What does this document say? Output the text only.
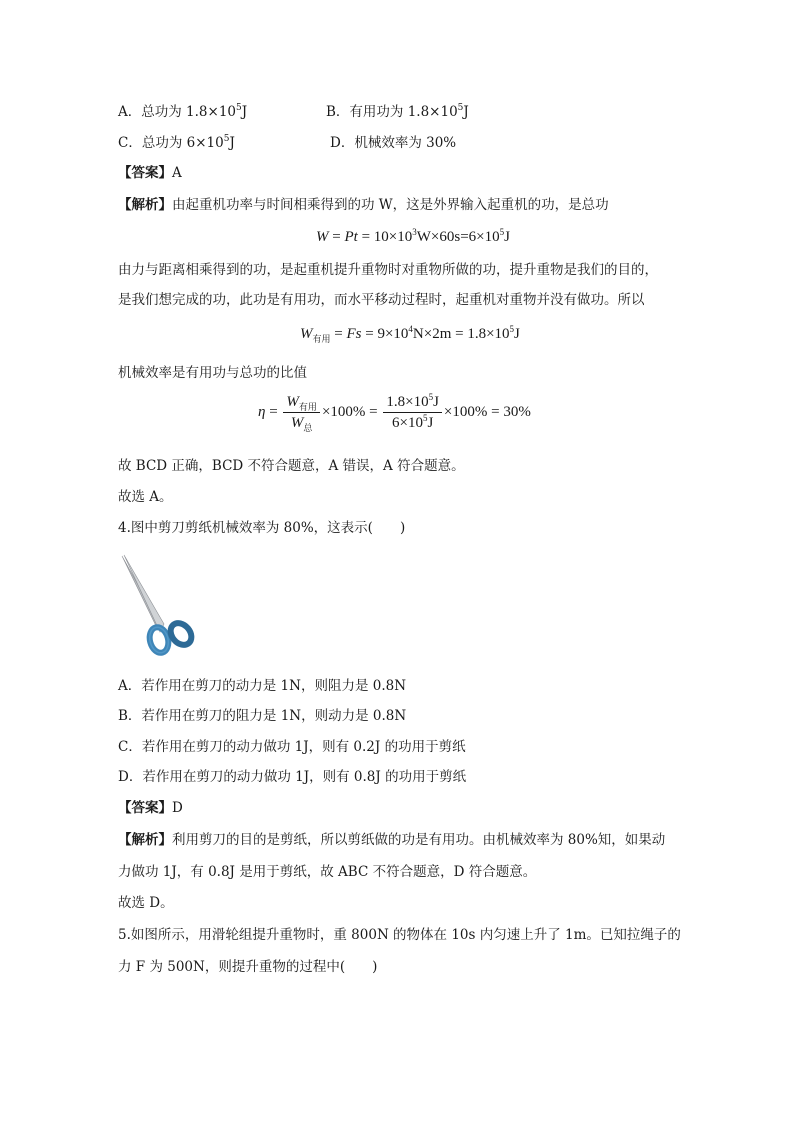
A．总功为 $1.8\times 10^5J$	B．有用功为 $1.8\times 10^5J$
C．总功为 $6\times 10^5J$	D．机械效率为 30%
【答案】A
【解析】由起重机功率与时间相乘得到的功 W，这是外界输入起重机的功，是总功
$W = Pt = 10\times 10^3W\times 60s=6\times 10^5J$
由力与距离相乘得到的功，是起重机提升重物时对重物所做的功，提升重物是我们的目的，
是我们想完成的功，此功是有用功，而水平移动过程时，起重机对重物并没有做功。所以
$W_{有用} = Fs = 9\times 10^4N\times 2m = 1.8\times 10^5J$
机械效率是有用功与总功的比值
$\eta = \frac{W_{有用}}{W_总} \times 100\% = \frac{1.8\times 10^5J}{6\times 10^5J} \times 100\% = 30\%$
故 BCD 正确，BCD 不符合题意，A 错误，A 符合题意。
故选 A。
4.图中剪刀剪纸机械效率为 80%，这表示(　　)
A．若作用在剪刀的动力是 1N，则阻力是 0.8N
B．若作用在剪刀的阻力是 1N，则动力是 0.8N
C．若作用在剪刀的动力做功 1J，则有 0.2J 的功用于剪纸
D．若作用在剪刀的动力做功 1J，则有 0.8J 的功用于剪纸
【答案】D
【解析】利用剪刀的目的是剪纸，所以剪纸做的功是有用功。由机械效率为 80%知，如果动
力做功 1J，有 0.8J 是用于剪纸，故 ABC 不符合题意，D 符合题意。
故选 D。
5.如图所示，用滑轮组提升重物时，重 800N 的物体在 10s 内匀速上升了 1m。已知拉绳子的
力 F 为 500N，则提升重物的过程中(　　)
